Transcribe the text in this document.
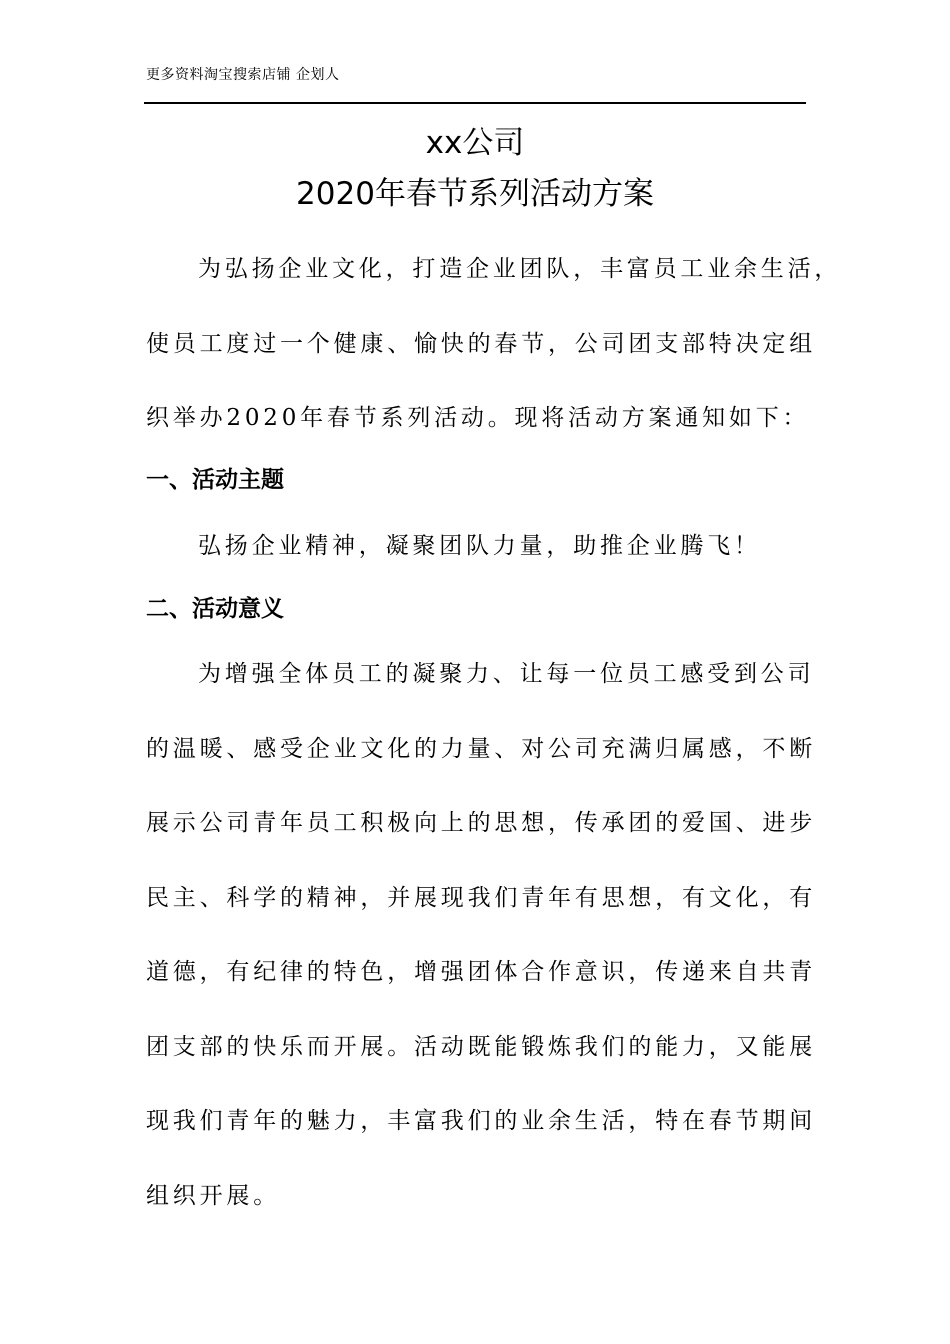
更多资料淘宝搜索店铺 企划人
xx公司
2020年春节系列活动方案
为弘扬企业文化，打造企业团队，丰富员工业余生活，
使员工度过一个健康、愉快的春节，公司团支部特决定组
织举办2020年春节系列活动。现将活动方案通知如下：
一、活动主题
弘扬企业精神，凝聚团队力量，助推企业腾飞！
二、活动意义
为增强全体员工的凝聚力、让每一位员工感受到公司
的温暖、感受企业文化的力量、对公司充满归属感，不断
展示公司青年员工积极向上的思想，传承团的爱国、进步
民主、科学的精神，并展现我们青年有思想，有文化，有
道德，有纪律的特色，增强团体合作意识，传递来自共青
团支部的快乐而开展。活动既能锻炼我们的能力，又能展
现我们青年的魅力，丰富我们的业余生活，特在春节期间
组织开展。
